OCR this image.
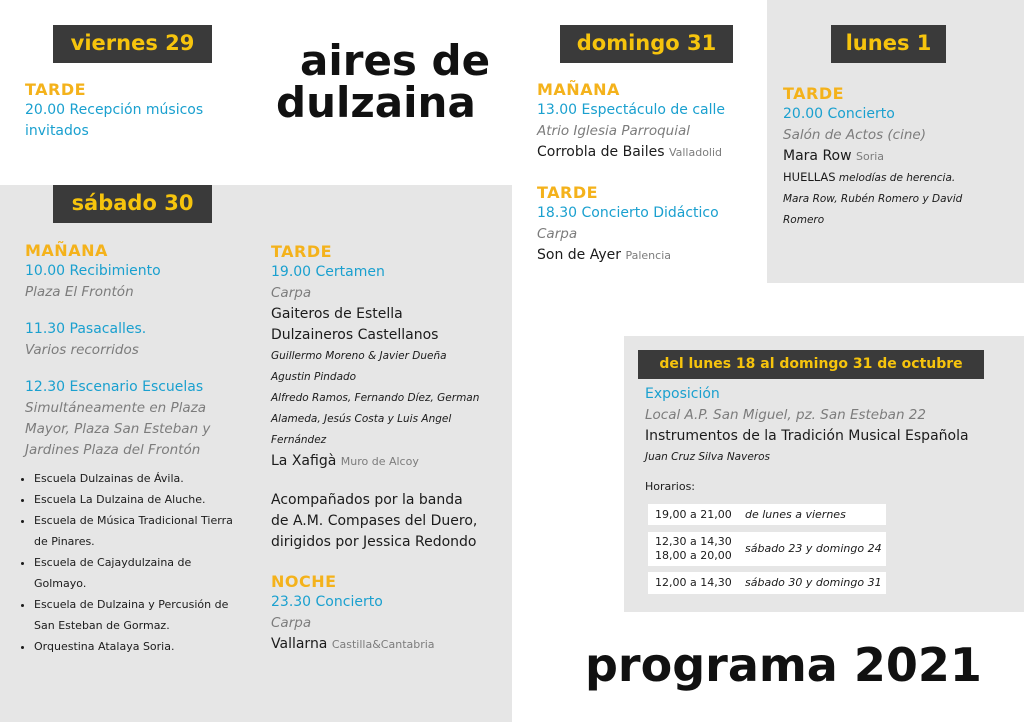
aires de
dulzaina
viernes 29
sábado 30
domingo 31	lunes 1
del lunes 18 al domingo 31 de octubre
TARDE
20.00 Recepción músicos
invitados
MAÑANA
10.00 Recibimiento
Plaza El Frontón
11.30 Pasacalles.
Varios recorridos
12.30 Escenario Escuelas
Simultáneamente en Plaza
Mayor, Plaza San Esteban y
Jardines Plaza del Frontón
• Escuela Dulzainas de Ávila.
• Escuela La Dulzaina de Aluche.
• Escuela de Música Tradicional Tierra
de Pinares.
• Escuela de Cajaydulzaina de
Golmayo.
• Escuela de Dulzaina y Percusión de
San Esteban de Gormaz.
• Orquestina Atalaya Soria.
TARDE
19.00 Certamen
Carpa
Gaiteros de Estella
Dulzaineros Castellanos
Guillermo Moreno & Javier Dueña
Agustin Pindado
Alfredo Ramos, Fernando Díez, German
Alameda, Jesús Costa y Luis Angel
Fernández
La Xafigà Muro de Alcoy
Acompañados por la banda
de A.M. Compases del Duero,
dirigidos por Jessica Redondo
NOCHE
23.30 Concierto
Carpa
Vallarna Castilla&Cantabria
MAÑANA
13.00 Espectáculo de calle
Atrio Iglesia Parroquial
Corrobla de Bailes Valladolid
TARDE
18.30 Concierto Didáctico
Carpa
Son de Ayer Palencia
TARDE
20.00 Concierto
Salón de Actos (cine)
Mara Row Soria
HUELLAS melodías de herencia.
Mara Row, Rubén Romero y David
Romero
Exposición
Local A.P. San Miguel, pz. San Esteban 22
Instrumentos de la Tradición Musical Española
Juan Cruz Silva Naveros
Horarios:
19,00 a 21,00 de lunes a viernes
12,30 a 14,30
18,00 a 20,00
sábado 23 y domingo 24
12,00 a 14,30 sábado 30 y domingo 31
programa 2021
